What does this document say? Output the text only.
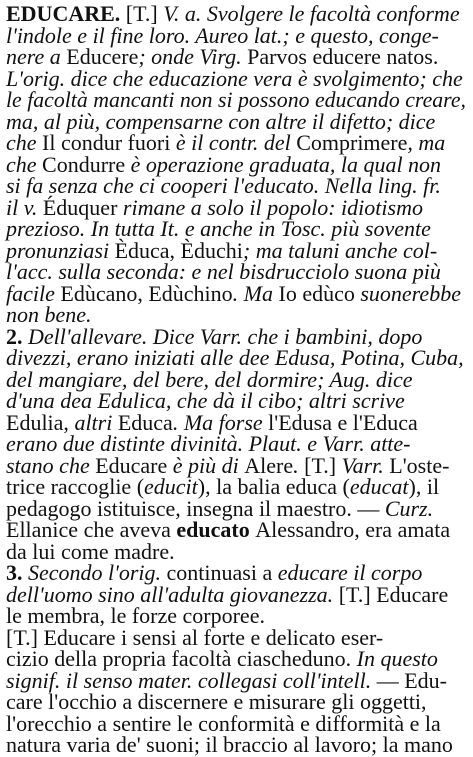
EDUCARE. [T.] V. a. Svolgere le facoltà conforme
l'indole e il fine loro. Aureo lat.; e questo, conge-
nere a Educere; onde Virg. Parvos educere natos.
L'orig. dice che educazione vera è svolgimento; che
le facoltà mancanti non si possono educando creare,
ma, al più, compensarne con altre il difetto; dice
che Il condur fuori è il contr. del Comprimere, ma
che Condurre è operazione graduata, la qual non
si fa senza che ci cooperi l'educato. Nella ling. fr.
il v. Éduquer rimane a solo il popolo: idiotismo
prezioso. In tutta It. e anche in Tosc. più sovente
pronunziasi Èduca, Èduchi; ma taluni anche col-
l'acc. sulla seconda: e nel bisdrucciolo suona più
facile Edùcano, Edùchino. Ma Io edùco suonerebbe
non bene.
2. Dell'allevare. Dice Varr. che i bambini, dopo
divezzi, erano iniziati alle dee Edusa, Potina, Cuba,
del mangiare, del bere, del dormire; Aug. dice
d'una dea Edulica, che dà il cibo; altri scrive
Edulia, altri Educa. Ma forse l'Edusa e l'Educa
erano due distinte divinità. Plaut. e Varr. atte-
stano che Educare è più di Alere. [T.] Varr. L'oste-
trice raccoglie (educit), la balia educa (educat), il
pedagogo istituisce, insegna il maestro. — Curz.
Ellanice che aveva educato Alessandro, era amata
da lui come madre.
3. Secondo l'orig. continuasi a educare il corpo
dell'uomo sino all'adulta giovanezza. [T.] Educare
le membra, le forze corporee.
[T.] Educare i sensi al forte e delicato eser-
cizio della propria facoltà ciascheduno. In questo
signif. il senso mater. collegasi coll'intell. — Edu-
care l'occhio a discernere e misurare gli oggetti,
l'orecchio a sentire le conformità e difformità e la
natura varia de' suoni; il braccio al lavoro; la mano
